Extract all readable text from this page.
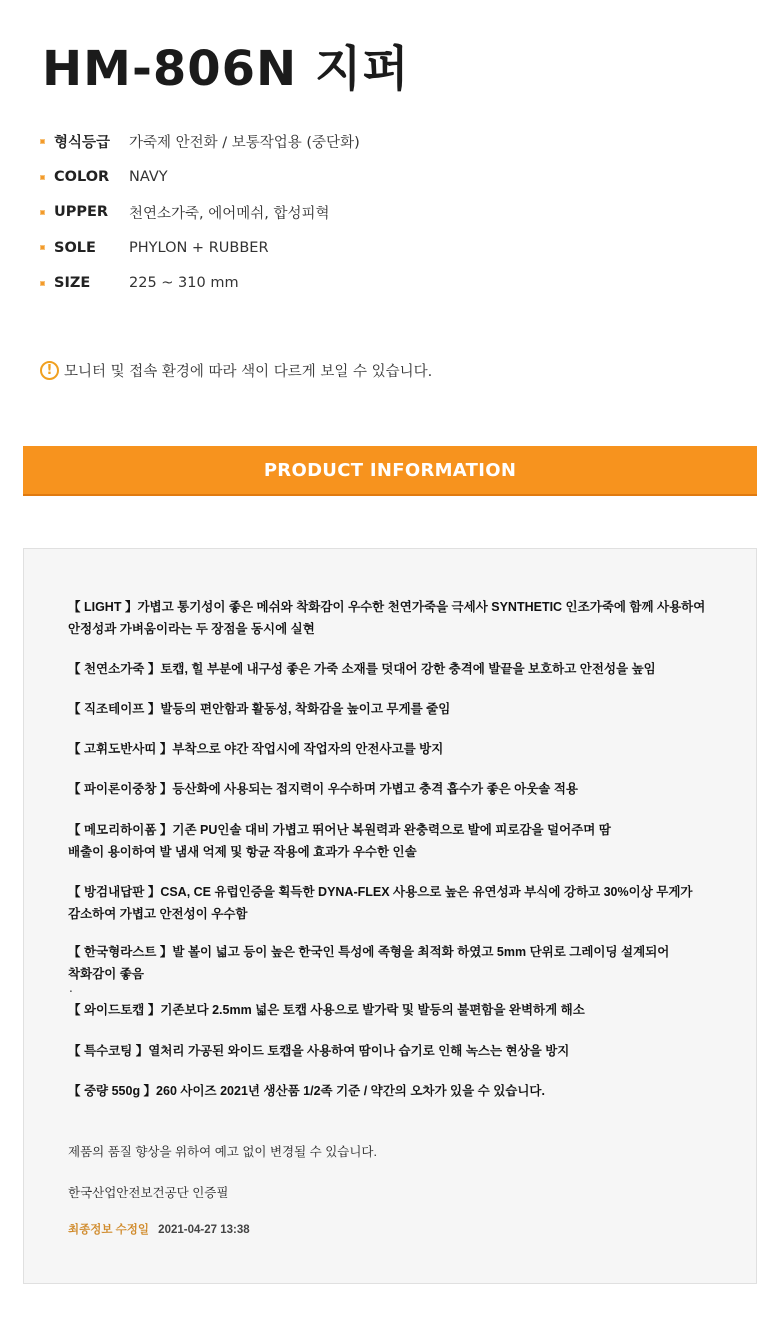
HM-806N 지퍼
형식등급	가죽제 안전화 / 보통작업용 (중단화)
COLOR	NAVY
UPPER	천연소가죽, 에어메쉬, 합성피혁
SOLE	PHYLON + RUBBER
SIZE	225 ~ 310 mm
! 모니터 및 접속 환경에 따라 색이 다르게 보일 수 있습니다.
PRODUCT INFORMATION
【 LIGHT 】가볍고 통기성이 좋은 메쉬와 착화감이 우수한 천연가죽을 극세사 SYNTHETIC 인조가죽에 함께 사용하여
안정성과 가벼움이라는 두 장점을 동시에 실현
【 천연소가죽 】토캡, 힐 부분에 내구성 좋은 가죽 소재를 덧대어 강한 충격에 발끝을 보호하고 안전성을 높임
【 직조테이프 】발등의 편안함과 활동성, 착화감을 높이고 무게를 줄임
【 고휘도반사띠 】부착으로 야간 작업시에 작업자의 안전사고를 방지
【 파이론이중창 】등산화에 사용되는 접지력이 우수하며 가볍고 충격 흡수가 좋은 아웃솔 적용
【 메모리하이폼 】기존 PU인솔 대비 가볍고 뛰어난 복원력과 완충력으로 발에 피로감을 덜어주며 땀
배출이 용이하여 발 냄새 억제 및 항균 작용에 효과가 우수한 인솔
【 방검내답판 】CSA, CE 유럽인증을 획득한 DYNA-FLEX 사용으로 높은 유연성과 부식에 강하고 30%이상 무게가
감소하여 가볍고 안전성이 우수함
【 한국형라스트 】발 볼이 넓고 등이 높은 한국인 특성에 족형을 최적화 하였고 5mm 단위로 그레이딩 설계되어
착화감이 좋음
.
【 와이드토캡 】기존보다 2.5mm 넓은 토캡 사용으로 발가락 및 발등의 불편함을 완벽하게 해소
【 특수코팅 】열처리 가공된 와이드 토캡을 사용하여 땀이나 습기로 인해 녹스는 현상을 방지
【 중량 550g 】260 사이즈 2021년 생산품 1/2족 기준 / 약간의 오차가 있을 수 있습니다.
제품의 품질 향상을 위하여 예고 없이 변경될 수 있습니다.
한국산업안전보건공단 인증필
최종정보 수정일 2021-04-27 13:38
